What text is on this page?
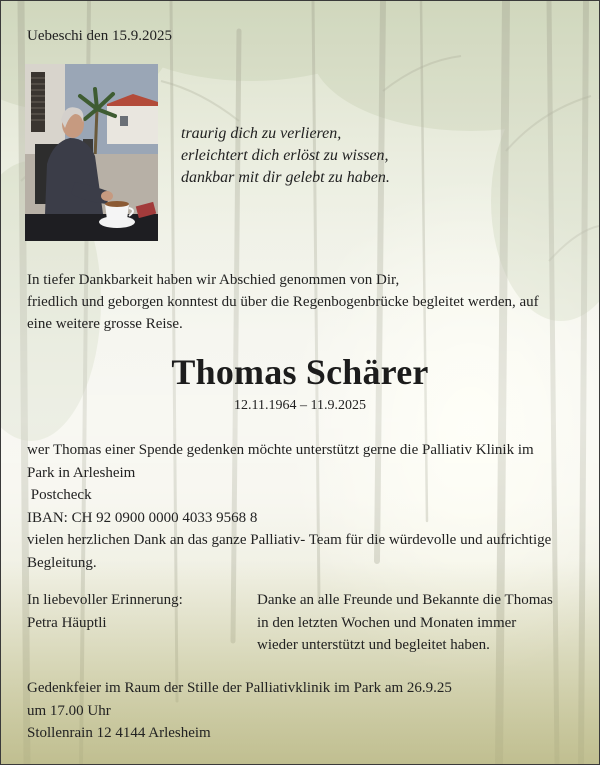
Uebeschi den 15.9.2025
traurig dich zu verlieren,
erleichtert dich erlöst zu wissen,
dankbar mit dir gelebt zu haben.
In tiefer Dankbarkeit haben wir Abschied genommen von Dir,
friedlich und geborgen konntest du über die Regenbogenbrücke begleitet werden, auf
eine weitere grosse Reise.
Thomas Schärer
12.11.1964 – 11.9.2025
wer Thomas einer Spende gedenken möchte unterstützt gerne die Palliativ Klinik im
Park in Arlesheim
Postcheck
IBAN: CH 92 0900 0000 4033 9568 8
vielen herzlichen Dank an das ganze Palliativ- Team für die würdevolle und aufrichtige
Begleitung.
In liebevoller Erinnerung:
Petra Häuptli
Danke an alle Freunde und Bekannte die Thomas
in den letzten Wochen und Monaten immer
wieder unterstützt und begleitet haben.
Gedenkfeier im Raum der Stille der Palliativklinik im Park am 26.9.25
um 17.00 Uhr
Stollenrain 12 4144 Arlesheim
